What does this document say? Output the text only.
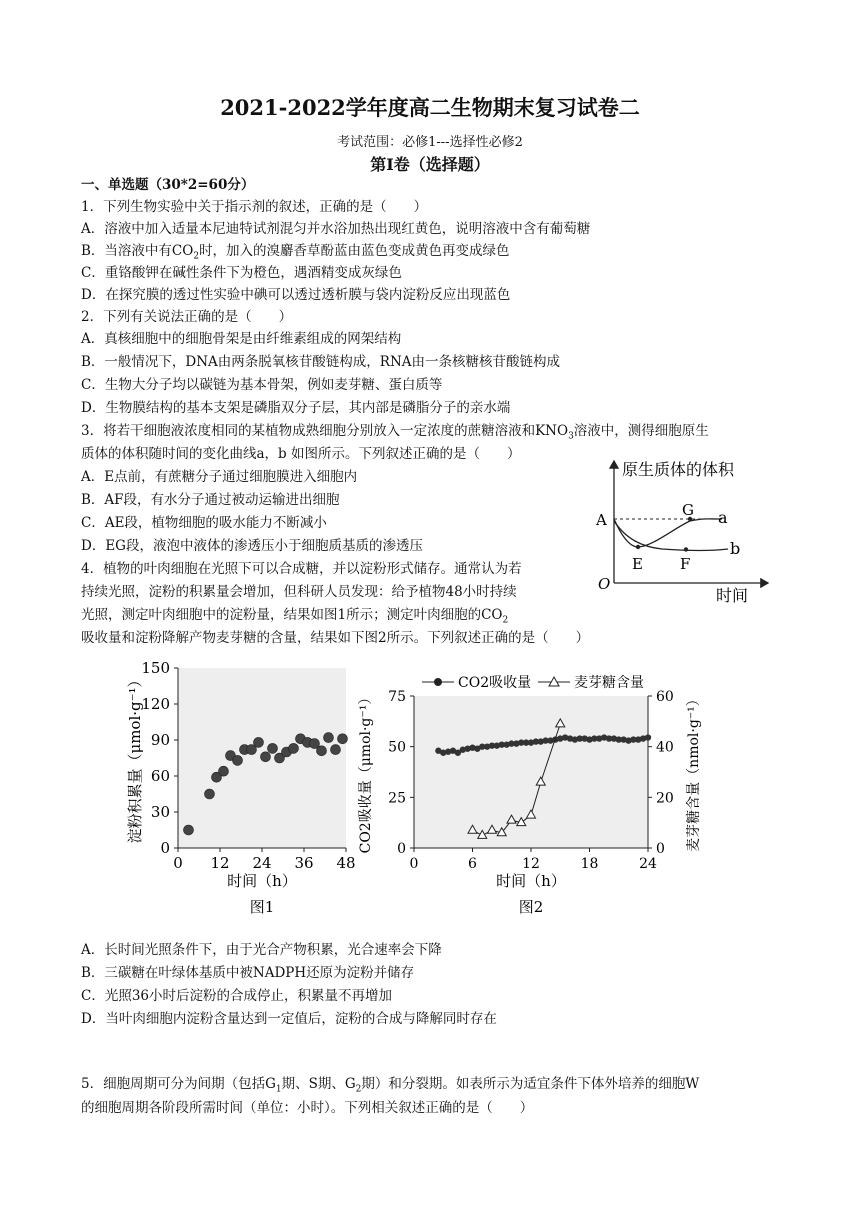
2021-2022学年度高二生物期末复习试卷二
考试范围：必修1---选择性必修2
第Ⅰ卷（选择题）
一、单选题（30*2=60分）
1．下列生物实验中关于指示剂的叙述，正确的是（　　）
A．溶液中加入适量本尼迪特试剂混匀并水浴加热出现红黄色，说明溶液中含有葡萄糖
B．当溶液中有$CO_2$时，加入的溴麝香草酚蓝由蓝色变成黄色再变成绿色
C．重铬酸钾在碱性条件下为橙色，遇酒精变成灰绿色
D．在探究膜的透过性实验中碘可以透过透析膜与袋内淀粉反应出现蓝色
2．下列有关说法正确的是（　　）
A．真核细胞中的细胞骨架是由纤维素组成的网架结构
B．一般情况下，DNA由两条脱氧核苷酸链构成，RNA由一条核糖核苷酸链构成
C．生物大分子均以碳链为基本骨架，例如麦芽糖、蛋白质等
D．生物膜结构的基本支架是磷脂双分子层，其内部是磷脂分子的亲水端
3．将若干细胞液浓度相同的某植物成熟细胞分别放入一定浓度的蔗糖溶液和$KNO_3$溶液中，测得细胞原生
质体的体积随时间的变化曲线a，b 如图所示。下列叙述正确的是（　　）
A．E点前，有蔗糖分子通过细胞膜进入细胞内
B．AF段，有水分子通过被动运输进出细胞
C．AE段，植物细胞的吸水能力不断减小
D．EG段，液泡中液体的渗透压小于细胞质基质的渗透压
原生质体的体积
时间
O
A
E F
G a
b
4．植物的叶肉细胞在光照下可以合成糖，并以淀粉形式储存。通常认为若
持续光照，淀粉的积累量会增加，但科研人员发现：给予植物48小时持续
光照，测定叶肉细胞中的淀粉量，结果如图1所示；测定叶肉细胞的$CO_2$
吸收量和淀粉降解产物麦芽糖的含量，结果如下图2所示。下列叙述正确的是（　　）
0
30
60
90
120
150
0 12 24 36 48
淀粉积累量（μmol·g⁻¹）
时间（h）
图1
CO2吸收量	麦芽糖含量
0
25
50
75
0
20
40
60
0	6	12	18	24
CO2吸收量（μmol·g⁻¹）	麦芽糖含量（nmol·g⁻¹）
时间（h）
图2
A．长时间光照条件下，由于光合产物积累，光合速率会下降
B．三碳糖在叶绿体基质中被NADPH还原为淀粉并储存
C．光照36小时后淀粉的合成停止，积累量不再增加
D．当叶肉细胞内淀粉含量达到一定值后，淀粉的合成与降解同时存在
5．细胞周期可分为间期（包括$G_1$期、S期、$G_2$期）和分裂期。如表所示为适宜条件下体外培养的细胞W
的细胞周期各阶段所需时间（单位：小时）。下列相关叙述正确的是（　　）
